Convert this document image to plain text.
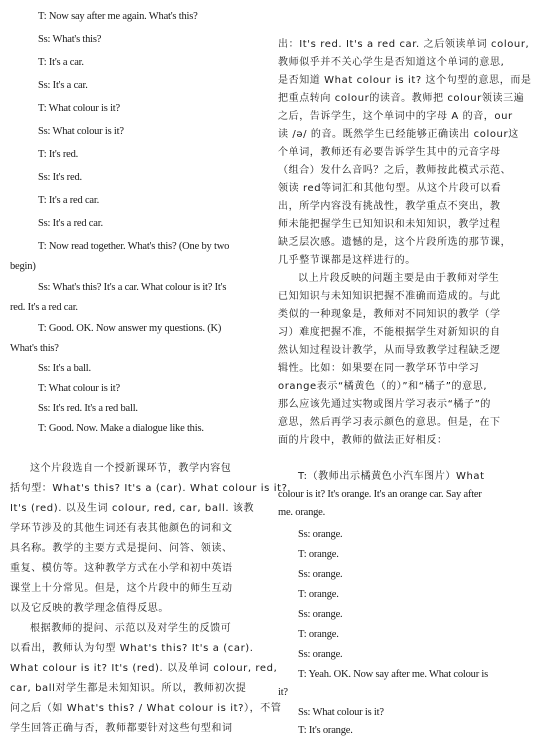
T: Now say after me again. What's this?
Ss: What's this?
T: It's a car.
Ss: It's a car.
T: What colour is it?
Ss: What colour is it?
T: It's red.
Ss: It's red.
T: It's a red car.
Ss: It's a red car.
T: Now read together. What's this? (One by two
begin)
Ss: What's this? It's a car. What colour is it? It's
red. It's a red car.
T: Good. OK. Now answer my questions. (K)
What's this?
Ss: It's a ball.
T: What colour is it?
Ss: It's red. It's a red ball.
T: Good. Now. Make a dialogue like this.
这个片段选自一个授新课环节，教学内容包
括句型：What's this? It's a (car). What colour is it?
It's (red). 以及生词 colour, red, car, ball. 该教
学环节涉及的其他生词还有表其他颜色的词和文
具名称。教学的主要方式是提问、问答、领读、
重复、模仿等。这种教学方式在小学和初中英语
课堂上十分常见。但是，这个片段中的师生互动
以及它反映的教学理念值得反思。
根据教师的提问、示范以及对学生的反馈可
以看出，教师认为句型 What's this? It's a (car).
What colour is it? It's (red). 以及单词 colour, red,
car, ball对学生都是未知知识。所以，教师初次提
问之后（如 What's this? / What colour is it?），不管
学生回答正确与否，教师都要针对这些句型和词
出：It's red. It's a red car. 之后领读单词 colour,
教师似乎并不关心学生是否知道这个单词的意思,
是否知道 What colour is it? 这个句型的意思，而是
把重点转向 colour的读音。教师把 colour领读三遍
之后，告诉学生，这个单词中的字母 A 的音，our
读 /ə/ 的音。既然学生已经能够正确读出 colour这
个单词，教师还有必要告诉学生其中的元音字母
（组合）发什么音吗？之后，教师按此模式示范、
领读 red等词汇和其他句型。从这个片段可以看
出，所学内容没有挑战性，教学重点不突出，教
师未能把握学生已知知识和未知知识，教学过程
缺乏层次感。遗憾的是，这个片段所选的那节课，
几乎整节课都是这样进行的。
以上片段反映的问题主要是由于教师对学生
已知知识与未知知识把握不准确而造成的。与此
类似的一种现象是，教师对不同知识的教学（学
习）难度把握不准，不能根据学生对新知识的自
然认知过程设计教学，从而导致教学过程缺乏逻
辑性。比如：如果要在同一教学环节中学习
orange表示“橘黄色（的）”和“橘子”的意思,
那么应该先通过实物或图片学习表示“橘子”的
意思，然后再学习表示颜色的意思。但是，在下
面的片段中，教师的做法正好相反：
T:（教师出示橘黄色小汽车图片）What
colour is it? It's orange. It's an orange car. Say after
me. orange.
Ss: orange.
T: orange.
Ss: orange.
T: orange.
Ss: orange.
T: orange.
Ss: orange.
T: Yeah. OK. Now say after me. What colour is
it?
Ss: What colour is it?
T: It's orange.
